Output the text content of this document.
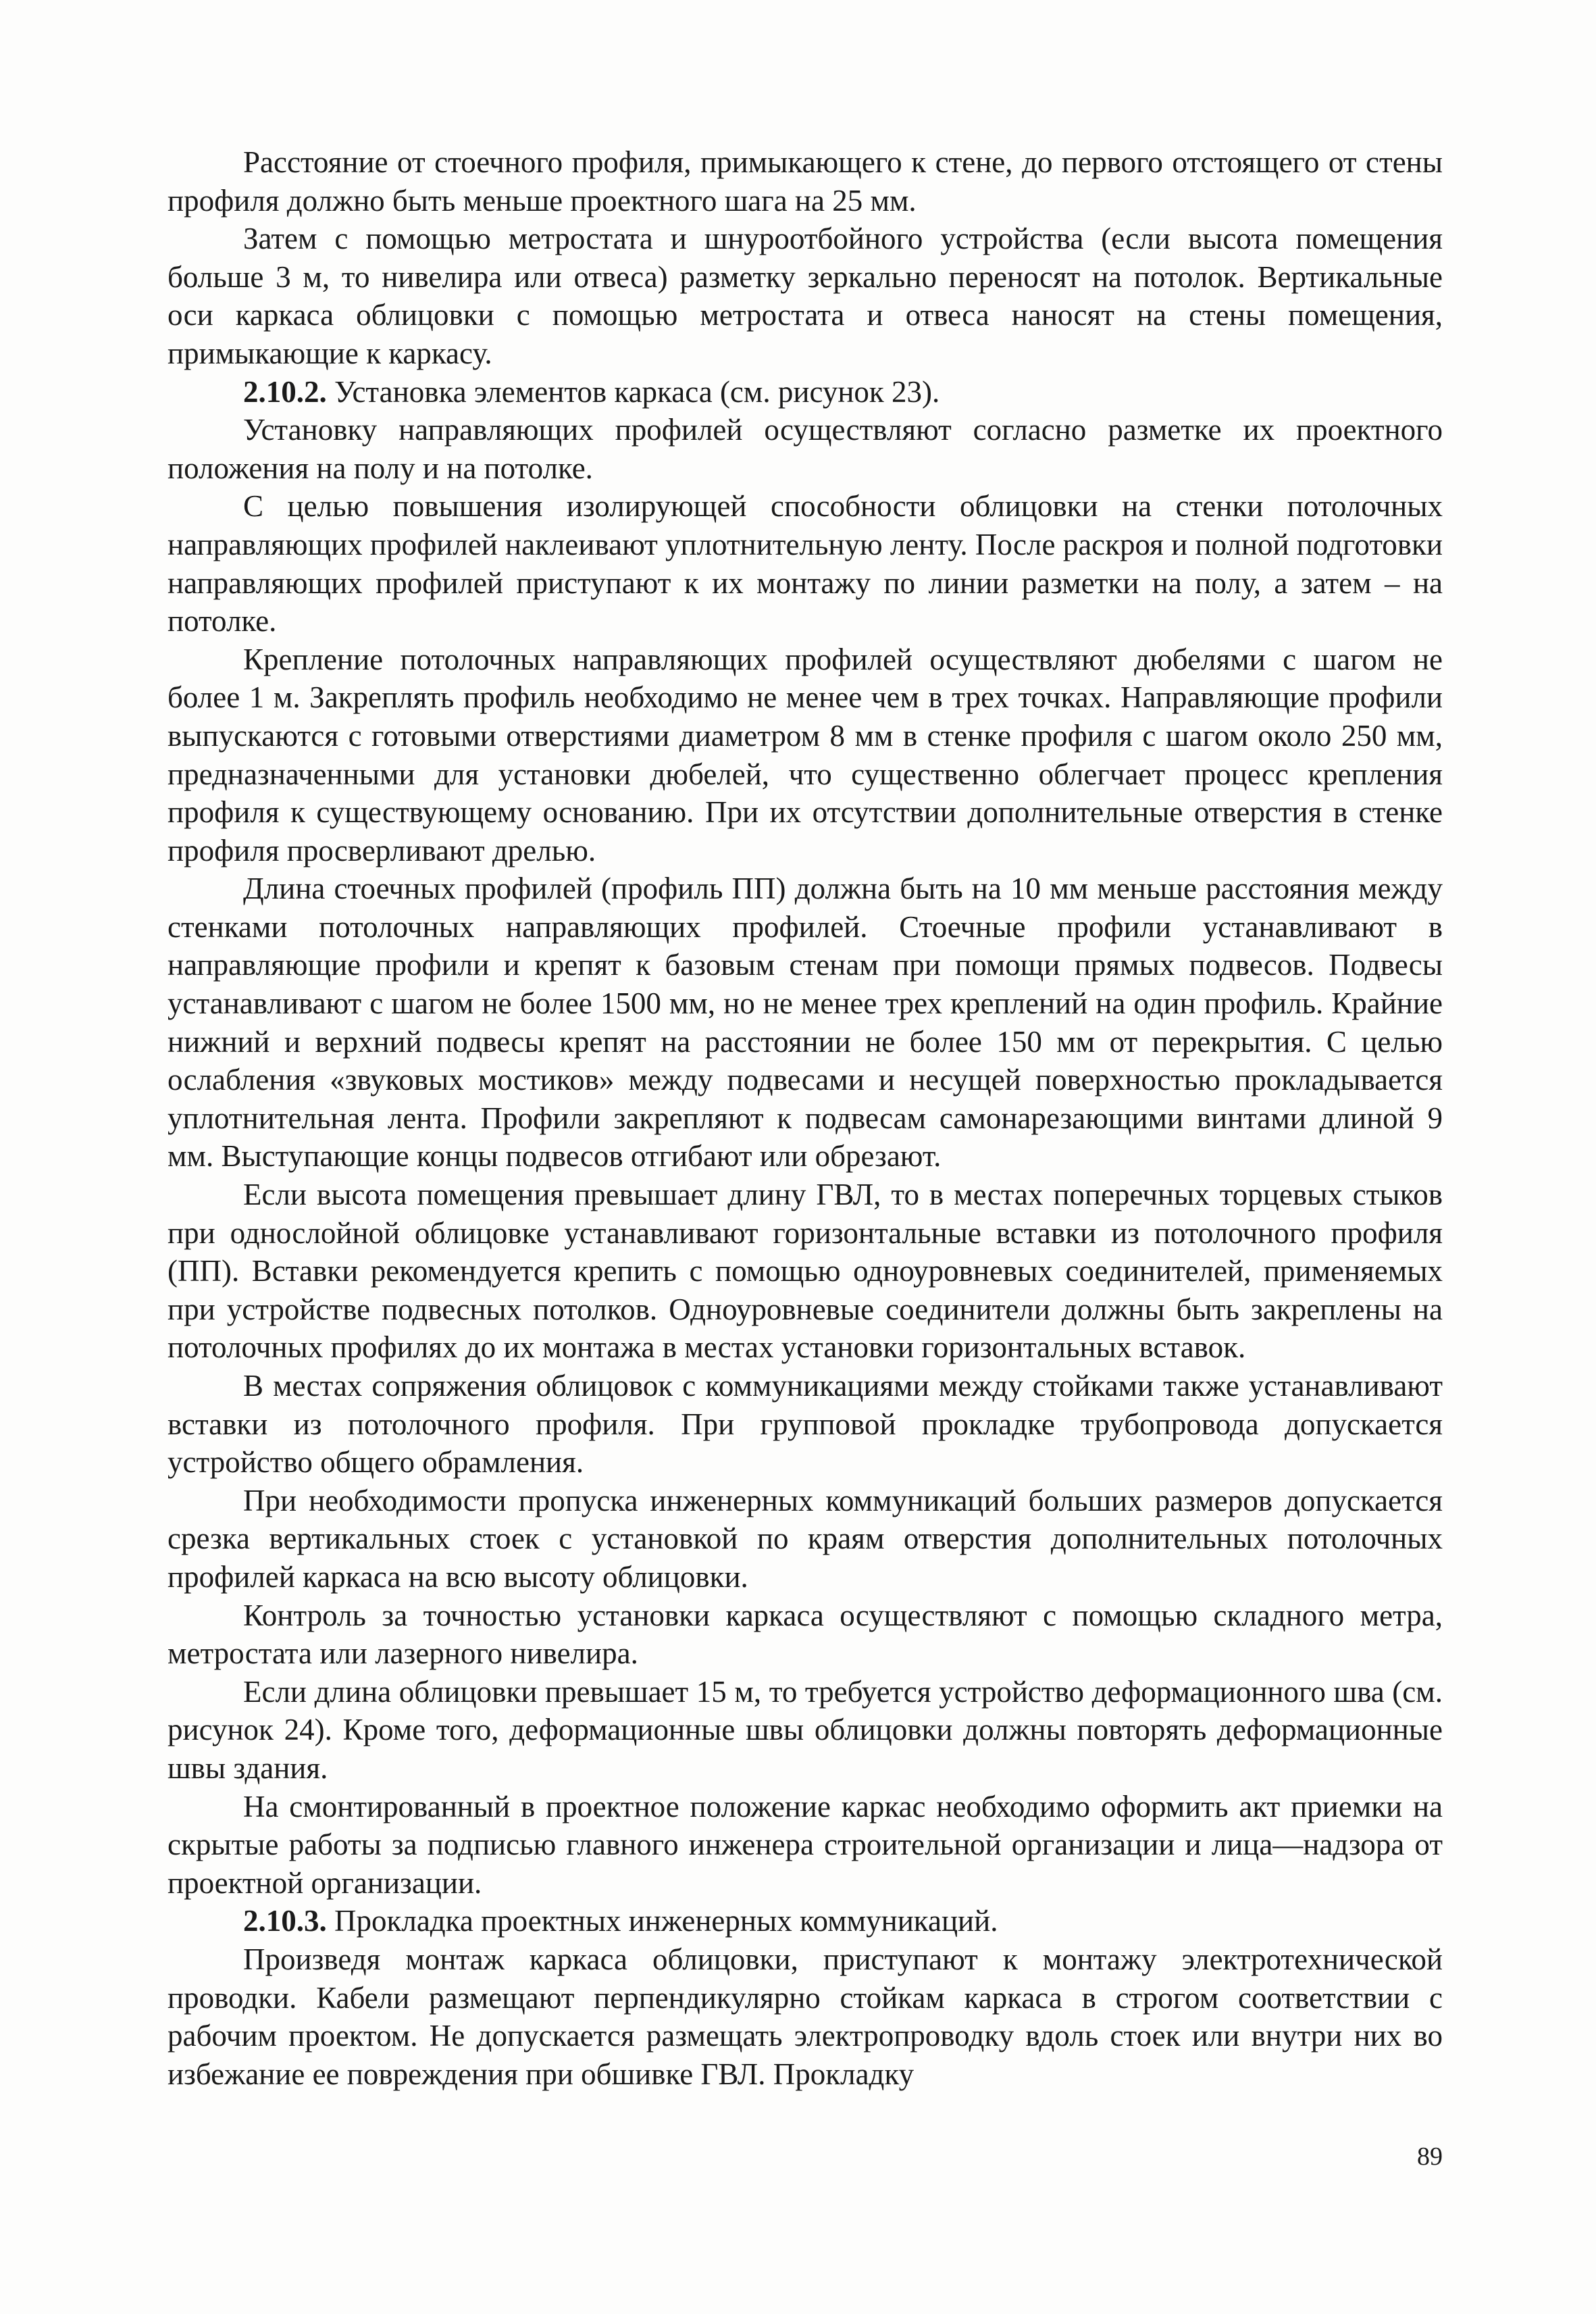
Расстояние от стоечного профиля, примыкающего к стене, до первого отстоящего от стены профиля должно быть меньше проектного шага на 25 мм.

Затем с помощью метростата и шнуроотбойного устройства (если высота помещения больше 3 м, то нивелира или отвеса) разметку зеркально переносят на потолок. Вертикальные оси каркаса облицовки с помощью метростата и отвеса наносят на стены помещения, примыкающие к каркасу.

2.10.2. Установка элементов каркаса (см. рисунок 23).

Установку направляющих профилей осуществляют согласно разметке их проектного положения на полу и на потолке.

С целью повышения изолирующей способности облицовки на стенки потолочных направляющих профилей наклеивают уплотнительную ленту. После раскроя и полной подготовки направляющих профилей приступают к их монтажу по линии разметки на полу, а затем – на потолке.

Крепление потолочных направляющих профилей осуществляют дюбелями с шагом не более 1 м. Закреплять профиль необходимо не менее чем в трех точках. Направляющие профили выпускаются с готовыми отверстиями диаметром 8 мм в стенке профиля с шагом около 250 мм, предназначенными для установки дюбелей, что существенно облегчает процесс крепления профиля к существующему основанию. При их отсутствии дополнительные отверстия в стенке профиля просверливают дрелью.

Длина стоечных профилей (профиль ПП) должна быть на 10 мм меньше расстояния между стенками потолочных направляющих профилей. Стоечные профили устанавливают в направляющие профили и крепят к базовым стенам при помощи прямых подвесов. Подвесы устанавливают с шагом не более 1500 мм, но не менее трех креплений на один профиль. Крайние нижний и верхний подвесы крепят на расстоянии не более 150 мм от перекрытия. С целью ослабления «звуковых мостиков» между подвесами и несущей поверхностью прокладывается уплотнительная лента. Профили закрепляют к подвесам самонарезающими винтами длиной 9 мм. Выступающие концы подвесов отгибают или обрезают.

Если высота помещения превышает длину ГВЛ, то в местах поперечных торцевых стыков при однослойной облицовке устанавливают горизонтальные вставки из потолочного профиля (ПП). Вставки рекомендуется крепить с помощью одноуровневых соединителей, применяемых при устройстве подвесных потолков. Одноуровневые соединители должны быть закреплены на потолочных профилях до их монтажа в местах установки горизонтальных вставок.

В местах сопряжения облицовок с коммуникациями между стойками также устанавливают вставки из потолочного профиля. При групповой прокладке трубопровода допускается устройство общего обрамления.

При необходимости пропуска инженерных коммуникаций больших размеров допускается срезка вертикальных стоек с установкой по краям отверстия дополнительных потолочных профилей каркаса на всю высоту облицовки.

Контроль за точностью установки каркаса осуществляют с помощью складного метра, метростата или лазерного нивелира.

Если длина облицовки превышает 15 м, то требуется устройство деформационного шва (см. рисунок 24). Кроме того, деформационные швы облицовки должны повторять деформационные швы здания.

На смонтированный в проектное положение каркас необходимо оформить акт приемки на скрытые работы за подписью главного инженера строительной организации и лица—надзора от проектной организации.

2.10.3. Прокладка проектных инженерных коммуникаций.

Произведя монтаж каркаса облицовки, приступают к монтажу электротехнической проводки. Кабели размещают перпендикулярно стойкам каркаса в строгом соответствии с рабочим проектом. Не допускается размещать электропроводку вдоль стоек или внутри них во избежание ее повреждения при обшивке ГВЛ. Прокладку

89
